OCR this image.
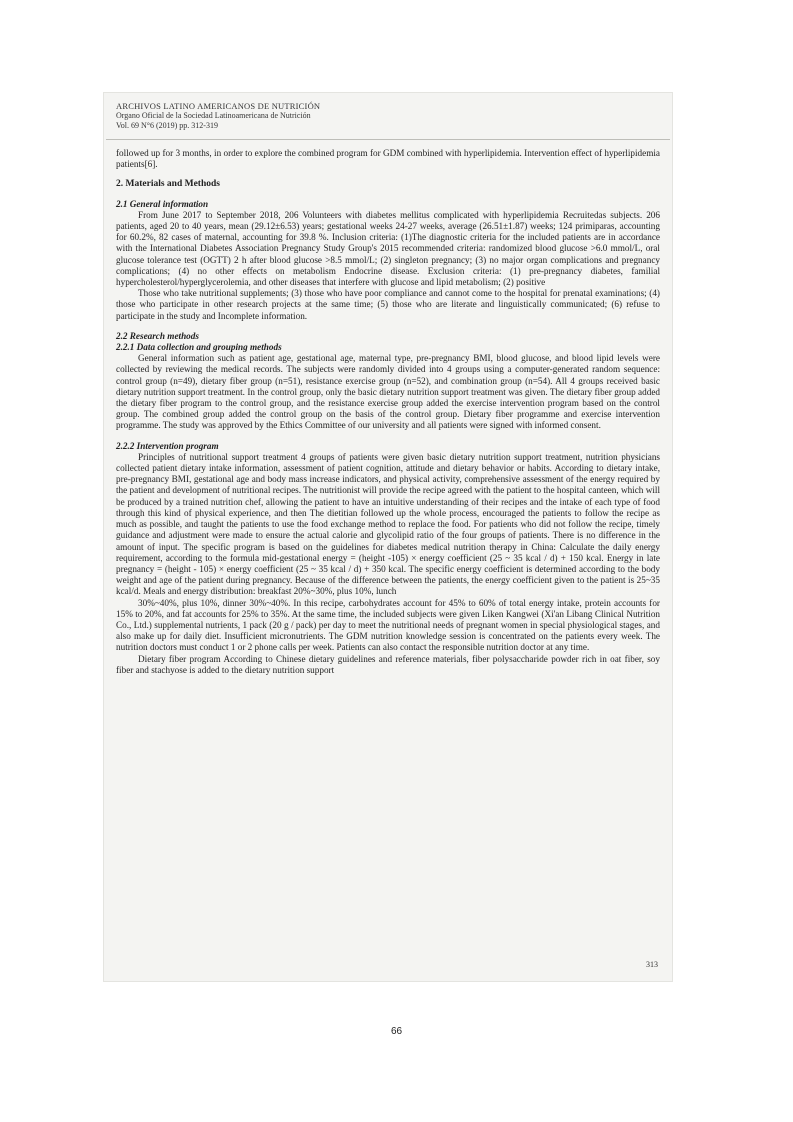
ARCHIVOS LATINO AMERICANOS DE NUTRICIÓN
Organo Oficial de la Sociedad Latinoamericana de Nutrición
Vol. 69 N°6 (2019) pp. 312-319

followed up for 3 months, in order to explore the combined program for GDM combined with hyperlipidemia. Intervention effect of hyperlipidemia patients[6].

2. Materials and Methods
2.1 General information

From June 2017 to September 2018, 206 Volunteers with diabetes mellitus complicated with hyperlipidemia Recruitedas subjects. 206 patients, aged 20 to 40 years, mean (29.12±6.53) years; gestational weeks 24-27 weeks, average (26.51±1.87) weeks; 124 primiparas, accounting for 60.2%, 82 cases of maternal, accounting for 39.8 %. Inclusion criteria: (1)The diagnostic criteria for the included patients are in accordance with the International Diabetes Association Pregnancy Study Group's 2015 recommended criteria: randomized blood glucose >6.0 mmol/L, oral glucose tolerance test (OGTT) 2 h after blood glucose >8.5 mmol/L; (2) singleton pregnancy; (3) no major organ complications and pregnancy complications; (4) no other effects on metabolism Endocrine disease. Exclusion criteria: (1) pre-pregnancy diabetes, familial hypercholesterol/hyperglycerolemia, and other diseases that interfere with glucose and lipid metabolism; (2) positive

Those who take nutritional supplements; (3) those who have poor compliance and cannot come to the hospital for prenatal examinations; (4) those who participate in other research projects at the same time; (5) those who are literate and linguistically communicated; (6) refuse to participate in the study and Incomplete information.

2.2 Research methods
2.2.1 Data collection and grouping methods

General information such as patient age, gestational age, maternal type, pre-pregnancy BMI, blood glucose, and blood lipid levels were collected by reviewing the medical records. The subjects were randomly divided into 4 groups using a computer-generated random sequence: control group (n=49), dietary fiber group (n=51), resistance exercise group (n=52), and combination group (n=54). All 4 groups received basic dietary nutrition support treatment. In the control group, only the basic dietary nutrition support treatment was given. The dietary fiber group added the dietary fiber program to the control group, and the resistance exercise group added the exercise intervention program based on the control group. The combined group added the control group on the basis of the control group. Dietary fiber programme and exercise intervention programme. The study was approved by the Ethics Committee of our university and all patients were signed with informed consent.

2.2.2 Intervention program

Principles of nutritional support treatment 4 groups of patients were given basic dietary nutrition support treatment, nutrition physicians collected patient dietary intake information, assessment of patient cognition, attitude and dietary behavior or habits. According to dietary intake, pre-pregnancy BMI, gestational age and body mass increase indicators, and physical activity, comprehensive assessment of the energy required by the patient and development of nutritional recipes. The nutritionist will provide the recipe agreed with the patient to the hospital canteen, which will be produced by a trained nutrition chef, allowing the patient to have an intuitive understanding of their recipes and the intake of each type of food through this kind of physical experience, and then The dietitian followed up the whole process, encouraged the patients to follow the recipe as much as possible, and taught the patients to use the food exchange method to replace the food. For patients who did not follow the recipe, timely guidance and adjustment were made to ensure the actual calorie and glycolipid ratio of the four groups of patients. There is no difference in the amount of input. The specific program is based on the guidelines for diabetes medical nutrition therapy in China: Calculate the daily energy requirement, according to the formula mid-gestational energy = (height -105) × energy coefficient (25 ~ 35 kcal / d) + 150 kcal. Energy in late pregnancy = (height - 105) × energy coefficient (25 ~ 35 kcal / d) + 350 kcal. The specific energy coefficient is determined according to the body weight and age of the patient during pregnancy. Because of the difference between the patients, the energy coefficient given to the patient is 25~35 kcal/d. Meals and energy distribution: breakfast 20%~30%, plus 10%, lunch

30%~40%, plus 10%, dinner 30%~40%. In this recipe, carbohydrates account for 45% to 60% of total energy intake, protein accounts for 15% to 20%, and fat accounts for 25% to 35%. At the same time, the included subjects were given Liken Kangwei (Xi'an Libang Clinical Nutrition Co., Ltd.) supplemental nutrients, 1 pack (20 g / pack) per day to meet the nutritional needs of pregnant women in special physiological stages, and also make up for daily diet. Insufficient micronutrients. The GDM nutrition knowledge session is concentrated on the patients every week. The nutrition doctors must conduct 1 or 2 phone calls per week. Patients can also contact the responsible nutrition doctor at any time.

Dietary fiber program According to Chinese dietary guidelines and reference materials, fiber polysaccharide powder rich in oat fiber, soy fiber and stachyose is added to the dietary nutrition support

313
66
